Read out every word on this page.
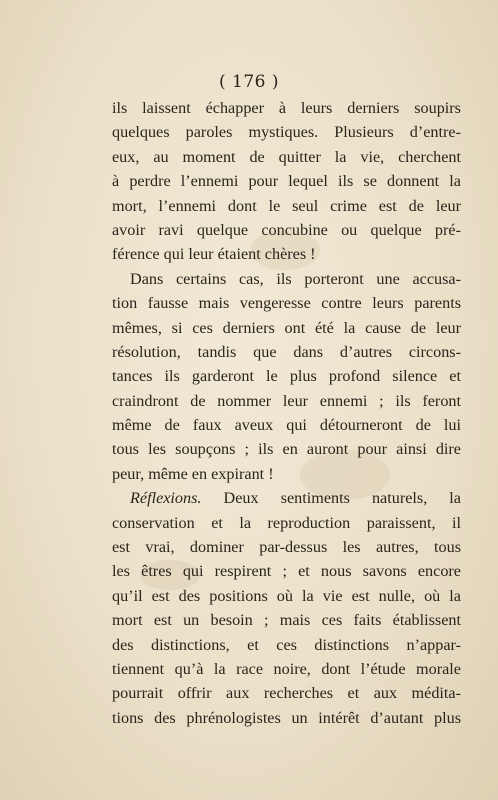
( 176 )
ils laissent échapper à leurs derniers soupirs
quelques paroles mystiques. Plusieurs d’entre-
eux, au moment de quitter la vie, cherchent
à perdre l’ennemi pour lequel ils se donnent la
mort, l’ennemi dont le seul crime est de leur
avoir ravi quelque concubine ou quelque pré-
férence qui leur étaient chères !
Dans certains cas, ils porteront une accusa-
tion fausse mais vengeresse contre leurs parents
mêmes, si ces derniers ont été la cause de leur
résolution, tandis que dans d’autres circons-
tances ils garderont le plus profond silence et
craindront de nommer leur ennemi ; ils feront
même de faux aveux qui détourneront de lui
tous les soupçons ; ils en auront pour ainsi dire
peur, même en expirant !
Réflexions. Deux sentiments naturels, la
conservation et la reproduction paraissent, il
est vrai, dominer par-dessus les autres, tous
les êtres qui respirent ; et nous savons encore
qu’il est des positions où la vie est nulle, où la
mort est un besoin ; mais ces faits établissent
des distinctions, et ces distinctions n’appar-
tiennent qu’à la race noire, dont l’étude morale
pourrait offrir aux recherches et aux médita-
tions des phrénologistes un intérêt d’autant plus
